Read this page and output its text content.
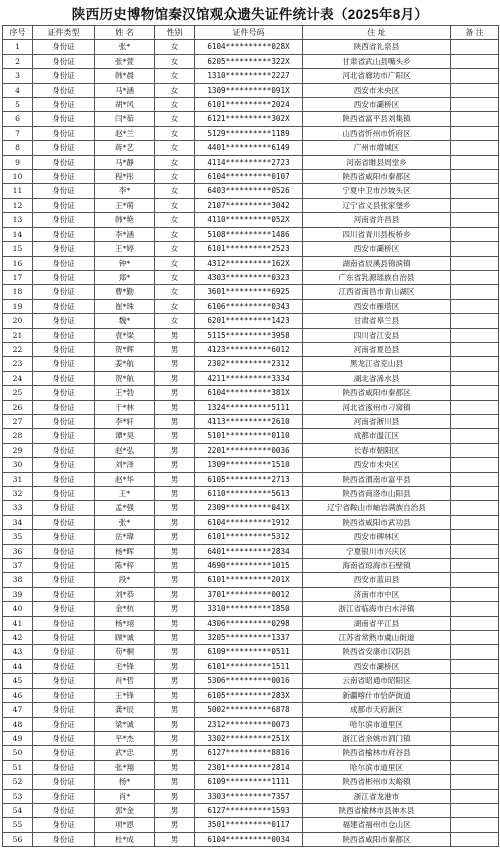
陕西历史博物馆秦汉馆观众遗失证件统计表（2025年8月）
序号	证件类型	姓 名	性别	证件号码	住 址	备 注
1	身份证	张*	女	6104**********028X	陕西省礼泉县	
2	身份证	张*萱	女	6205**********322X	甘肃省武山县嘴头乡	
3	身份证	韩*晨	女	1310**********2227	河北省廊坊市广阳区	
4	身份证	马*涵	女	1309**********091X	西安市未央区	
5	身份证	胡*风	女	6101**********2024	西安市灞桥区	
6	身份证	闫*茹	女	6121**********302X	陕西省富平县刘集镇	
7	身份证	赵*兰	女	5129**********1189	山西省忻州市忻府区	
8	身份证	蒋*艺	女	4401**********6149	广州市增城区	
9	身份证	马*静	女	4114**********2723	河南省睢县周堂乡	
10	身份证	程*彤	女	6104**********0107	陕西省咸阳市秦都区	
11	身份证	李*	女	6403**********0526	宁夏中卫市沙坡头区	
12	身份证	王*萌	女	2107**********3042	辽宁省义县张家堡乡	
13	身份证	韩*艳	女	4110**********052X	河南省许昌县	
14	身份证	李*涵	女	5108**********1486	四川省青川县板桥乡	
15	身份证	王*婷	女	6101**********2523	西安市灞桥区	
16	身份证	钟*	女	4312**********162X	湖南省辰溪县锦滨镇	
17	身份证	郑*	女	4303**********0323	广东省乳源瑶族自治县	
18	身份证	曹*勤	女	3601**********6925	江西省南昌市青山湖区	
19	身份证	崔*珠	女	6106**********0343	西安市雁塔区	
20	身份证	魏*	女	6201**********1423	甘肃省皋兰县	
21	身份证	袁*梁	男	5115**********3958	四川省江安县	
22	身份证	贺*辉	男	4123**********6012	河南省夏邑县	
23	身份证	姜*航	男	2302**********2312	黑龙江省克山县	
24	身份证	贺*航	男	4211**********3334	湖北省浠水县	
25	身份证	王*勃	男	6104**********381X	陕西省咸阳市秦都区	
26	身份证	于*林	男	1324**********5111	河北省涿州市刁窝镇	
27	身份证	李*轩	男	4113**********2610	河南省淅川县	
28	身份证	谭*昊	男	5101**********0110	成都市温江区	
29	身份证	赵*弘	男	2201**********0036	长春市朝阳区	
30	身份证	刘*泽	男	1309**********1510	西安市未央区	
31	身份证	赵*华	男	6105**********2713	陕西省渭南市富平县	
32	身份证	王*	男	6110**********5613	陕西省商洛市山阳县	
33	身份证	孟*强	男	2309**********041X	辽宁省鞍山市岫岩满族自治县	
34	身份证	张*	男	6104**********1912	陕西省咸阳市武功县	
35	身份证	岳*瑋	男	6101**********5312	西安市碑林区	
36	身份证	杨*晖	男	6401**********2834	宁夏银川市兴庆区	
37	身份证	陈*梓	男	4690**********1015	海南省琼海市石壁镇	
38	身份证	段*	男	6101**********201X	西安市蓝田县	
39	身份证	刘*恭	男	3701**********0012	济南市市中区	
40	身份证	金*杭	男	3310**********1850	浙江省临海市白水洋镇	
41	身份证	杨*翊	男	4306**********0298	湖南省平江县	
42	身份证	顾*诚	男	3205**********1337	江苏省常熟市虞山街道	
43	身份证	苟*桐	男	6109**********0511	陕西省安康市汉阴县	
44	身份证	毛*锋	男	6101**********1511	西安市灞桥区	
45	身份证	肖*哲	男	5306**********0016	云南省昭通市昭阳区	
46	身份证	王*锋	男	6105**********283X	新疆喀什市恰萨街道	
47	身份证	龚*辰	男	5002**********6878	成都市天府新区	
48	身份证	梁*诚	男	2312**********0073	哈尔滨市道里区	
49	身份证	平*杰	男	3302**********251X	浙江省余姚市泗门镇	
50	身份证	武*忠	男	6127**********8816	陕西省榆林市府谷县	
51	身份证	张*翔	男	2301**********2814	哈尔滨市道里区	
52	身份证	杨*	男	6109**********1111	陕西省彬州市太峪镇	
53	身份证	肖*	男	3303**********7357	浙江省龙港市	
54	身份证	郭*金	男	6127**********1593	陕西省榆林市县神木县	
55	身份证	项*恩	男	3501**********0117	福建省福州市仓山区	
56	身份证	杜*成	男	6104**********0034	陕西省咸阳市秦都区	
